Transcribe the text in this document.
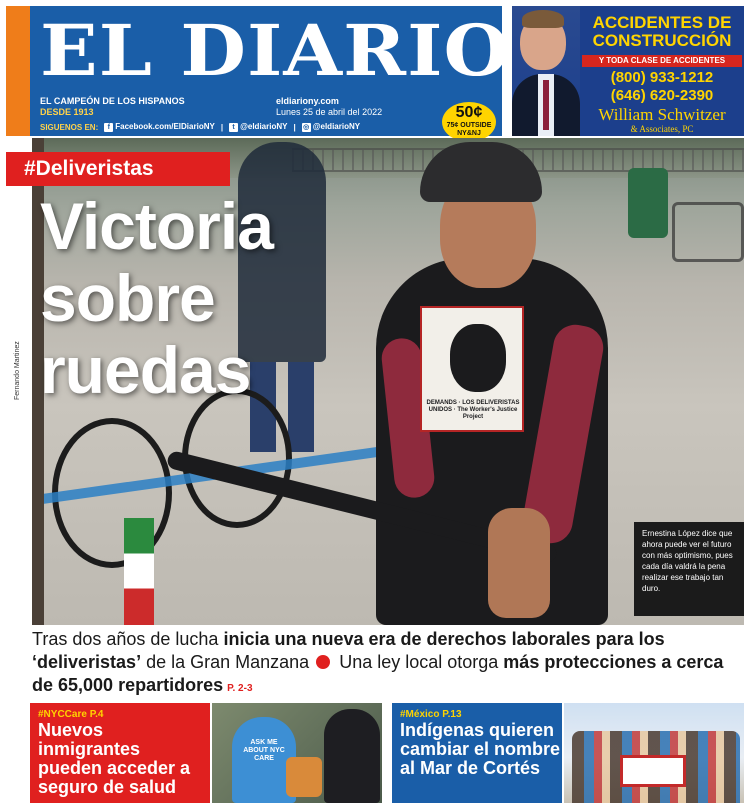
EL DIARIO
EL CAMPEÓN DE LOS HISPANOS
DESDE 1913
eldiariony.com
Lunes 25 de abril del 2022
SIGUENOS EN:	f Facebook.com/ElDiarioNY |	t @eldiarioNY | ◎ @eldiarioNY
50¢
75¢ OUTSIDE NY&NJ
ACCIDENTES DE CONSTRUCCIÓN
Y TODA CLASE DE ACCIDENTES
(800) 933-1212
(646) 620-2390
William Schwitzer
& Associates, PC
DEMANDS · LOS DELIVERISTAS UNIDOS · The Worker's Justice Project
#Deliveristas
Victoria
sobre
ruedas
Fernando Martinez
Ernestina López dice que ahora puede ver el futuro con más optimismo, pues cada día valdrá la pena realizar ese trabajo tan duro.
Tras dos años de lucha inicia una nueva era de derechos laborales para los ‘deliveristas’ de la Gran Manzana  Una ley local otorga más protecciones a cerca de 65,000 repartidores P. 2-3
#NYCCare P.4
Nuevos inmigrantes pueden acceder a seguro de salud
ASK ME ABOUT NYC CARE
#México P.13
Indígenas quieren cambiar el nombre al Mar de Cortés
